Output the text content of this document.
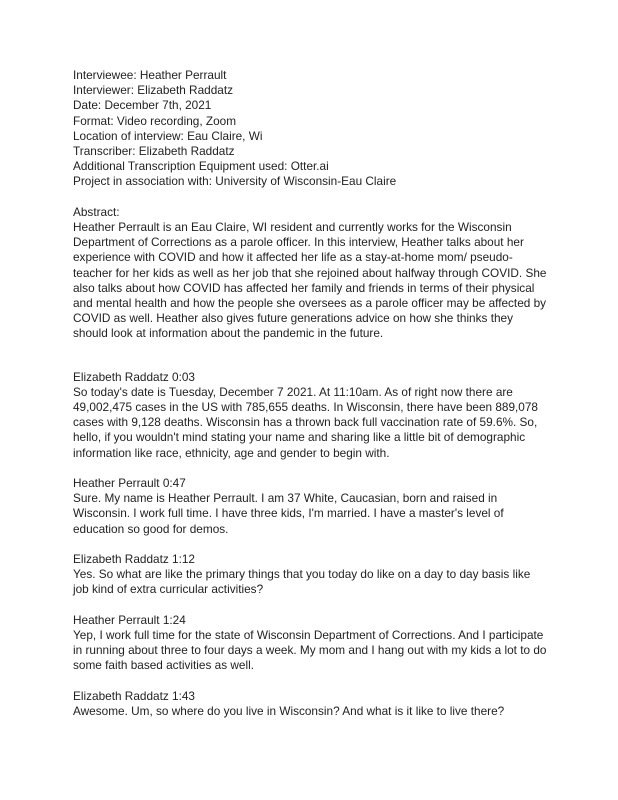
Interviewee: Heather Perrault
Interviewer: Elizabeth Raddatz
Date: December 7th, 2021
Format: Video recording, Zoom
Location of interview: Eau Claire, Wi
Transcriber: Elizabeth Raddatz
Additional Transcription Equipment used: Otter.ai
Project in association with: University of Wisconsin-Eau Claire
Abstract:

Heather Perrault is an Eau Claire, WI resident and currently works for the Wisconsin Department of Corrections as a parole officer. In this interview, Heather talks about her experience with COVID and how it affected her life as a stay-at-home mom/ pseudo-teacher for her kids as well as her job that she rejoined about halfway through COVID. She also talks about how COVID has affected her family and friends in terms of their physical and mental health and how the people she oversees as a parole officer may be affected by COVID as well. Heather also gives future generations advice on how she thinks they should look at information about the pandemic in the future.

Elizabeth Raddatz 0:03

So today's date is Tuesday, December 7 2021. At 11:10am. As of right now there are 49,002,475 cases in the US with 785,655 deaths. In Wisconsin, there have been 889,078 cases with 9,128 deaths. Wisconsin has a thrown back full vaccination rate of 59.6%. So, hello, if you wouldn't mind stating your name and sharing like a little bit of demographic information like race, ethnicity, age and gender to begin with.

Heather Perrault 0:47

Sure. My name is Heather Perrault. I am 37 White, Caucasian, born and raised in Wisconsin. I work full time. I have three kids, I'm married. I have a master's level of education so good for demos.

Elizabeth Raddatz 1:12

Yes. So what are like the primary things that you today do like on a day to day basis like job kind of extra curricular activities?

Heather Perrault 1:24

Yep, I work full time for the state of Wisconsin Department of Corrections. And I participate in running about three to four days a week. My mom and I hang out with my kids a lot to do some faith based activities as well.

Elizabeth Raddatz 1:43

Awesome. Um, so where do you live in Wisconsin? And what is it like to live there?
